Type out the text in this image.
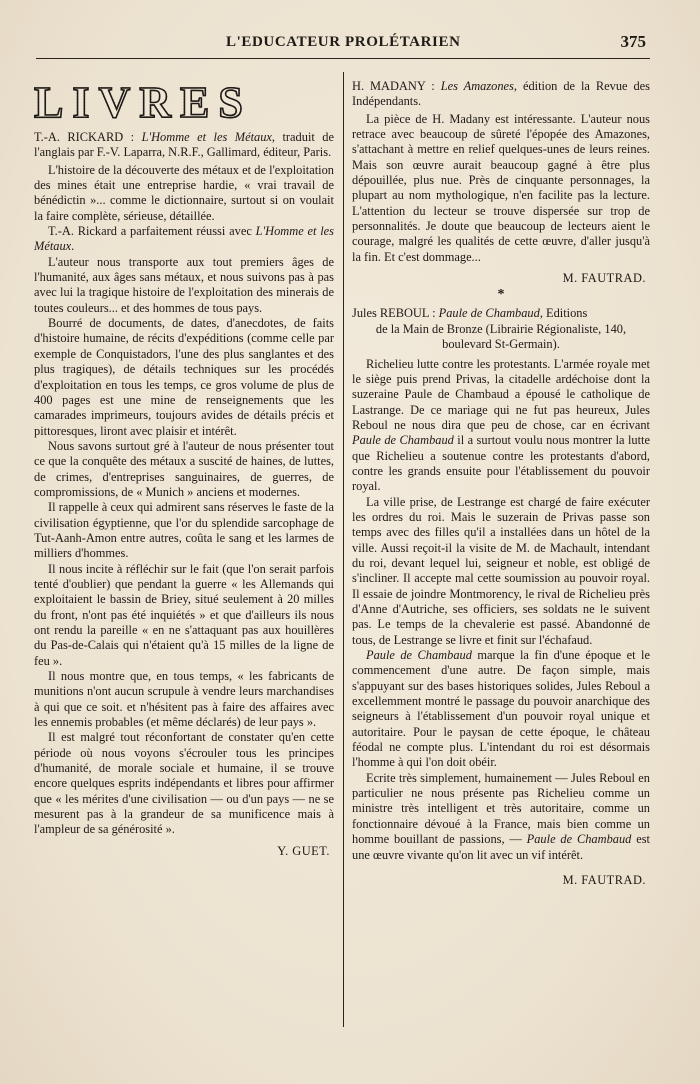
L'EDUCATEUR PROLÉTARIEN	375
LIVRES
T.-A. RICKARD : L'Homme et les Métaux, traduit de l'anglais par F.-V. Laparra, N.R.F., Gallimard, éditeur, Paris.

L'histoire de la découverte des métaux et de l'exploitation des mines était une entreprise hardie, « vrai travail de bénédictin »... comme le dictionnaire, surtout si on voulait la faire complète, sérieuse, détaillée.

T.-A. Rickard a parfaitement réussi avec L'Homme et les Métaux.

L'auteur nous transporte aux tout premiers âges de l'humanité, aux âges sans métaux, et nous suivons pas à pas avec lui la tragique histoire de l'exploitation des minerais de toutes couleurs... et des hommes de tous pays.

Bourré de documents, de dates, d'anecdotes, de faits d'histoire humaine, de récits d'expéditions (comme celle par exemple de Conquistadors, l'une des plus sanglantes et des plus tragiques), de détails techniques sur les procédés d'exploitation en tous les temps, ce gros volume de plus de 400 pages est une mine de renseignements que les camarades imprimeurs, toujours avides de détails précis et pittoresques, liront avec plaisir et intérêt.

Nous savons surtout gré à l'auteur de nous présenter tout ce que la conquête des métaux a suscité de haines, de luttes, de crimes, d'entreprises sanguinaires, de guerres, de compromissions, de « Munich » anciens et modernes.

Il rappelle à ceux qui admirent sans réserves le faste de la civilisation égyptienne, que l'or du splendide sarcophage de Tut-Aanh-Amon entre autres, coûta le sang et les larmes de milliers d'hommes.

Il nous incite à réfléchir sur le fait (que l'on serait parfois tenté d'oublier) que pendant la guerre « les Allemands qui exploitaient le bassin de Briey, situé seulement à 20 milles du front, n'ont pas été inquiétés » et que d'ailleurs ils nous ont rendu la pareille « en ne s'attaquant pas aux houillères du Pas-de-Calais qui n'étaient qu'à 15 milles de la ligne de feu ».

Il nous montre que, en tous temps, « les fabricants de munitions n'ont aucun scrupule à vendre leurs marchandises à qui que ce soit. et n'hésitent pas à faire des affaires avec les ennemis probables (et même déclarés) de leur pays ».

Il est malgré tout réconfortant de constater qu'en cette période où nous voyons s'écrouler tous les principes d'humanité, de morale sociale et humaine, il se trouve encore quelques esprits indépendants et libres pour affirmer que « les mérites d'une civilisation — ou d'un pays — ne se mesurent pas à la grandeur de sa munificence mais à l'ampleur de sa générosité ».

Y. GUET.
H. MADANY : Les Amazones, édition de la Revue des Indépendants.

La pièce de H. Madany est intéressante. L'auteur nous retrace avec beaucoup de sûreté l'épopée des Amazones, s'attachant à mettre en relief quelques-unes de leurs reines. Mais son œuvre aurait beaucoup gagné à être plus dépouillée, plus nue. Près de cinquante personnages, la plupart au nom mythologique, n'en facilite pas la lecture. L'attention du lecteur se trouve dispersée sur trop de personnalités. Je doute que beaucoup de lecteurs aient le courage, malgré les qualités de cette œuvre, d'aller jusqu'à la fin. Et c'est dommage...

M. FAUTRAD.
*
Jules REBOUL : Paule de Chambaud, Editions
de la Main de Bronze (Librairie Régionaliste, 140, boulevard St-Germain).

Richelieu lutte contre les protestants. L'armée royale met le siège puis prend Privas, la citadelle ardéchoise dont la suzeraine Paule de Chambaud a épousé le catholique de Lastrange. De ce mariage qui ne fut pas heureux, Jules Reboul ne nous dira que peu de chose, car en écrivant Paule de Chambaud il a surtout voulu nous montrer la lutte que Richelieu a soutenue contre les protestants d'abord, contre les grands ensuite pour l'établissement du pouvoir royal.

La ville prise, de Lestrange est chargé de faire exécuter les ordres du roi. Mais le suzerain de Privas passe son temps avec des filles qu'il a installées dans un hôtel de la ville. Aussi reçoit-il la visite de M. de Machault, intendant du roi, devant lequel lui, seigneur et noble, est obligé de s'incliner. Il accepte mal cette soumission au pouvoir royal. Il essaie de joindre Montmorency, le rival de Richelieu près d'Anne d'Autriche, ses officiers, ses soldats ne le suivent pas. Le temps de la chevalerie est passé. Abandonné de tous, de Lestrange se livre et finit sur l'échafaud.

Paule de Chambaud marque la fin d'une époque et le commencement d'une autre. De façon simple, mais s'appuyant sur des bases historiques solides, Jules Reboul a excellemment montré le passage du pouvoir anarchique des seigneurs à l'établissement d'un pouvoir royal unique et autoritaire. Pour le paysan de cette époque, le château féodal ne compte plus. L'intendant du roi est désormais l'homme à qui l'on doit obéir.

Ecrite très simplement, humainement — Jules Reboul en particulier ne nous présente pas Richelieu comme un ministre très intelligent et très autoritaire, comme un fonctionnaire dévoué à la France, mais bien comme un homme bouillant de passions, — Paule de Chambaud est une œuvre vivante qu'on lit avec un vif intérêt.

M. FAUTRAD.
